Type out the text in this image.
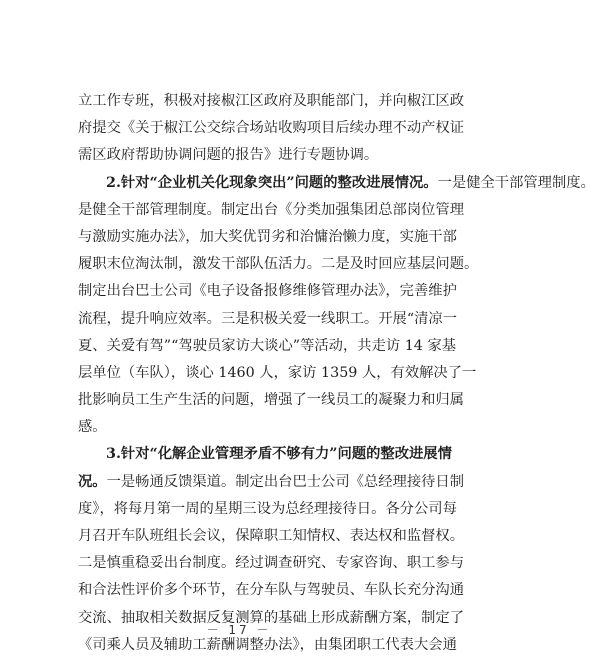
立工作专班，积极对接椒江区政府及职能部门，并向椒江区政
府提交《关于椒江公交综合场站收购项目后续办理不动产权证
需区政府帮助协调问题的报告》进行专题协调。
2.针对“企业机关化现象突出”问题的整改进展情况。一是健全干部管理制度。
是健全干部管理制度。制定出台《分类加强集团总部岗位管理
与激励实施办法》，加大奖优罚劣和治慵治懒力度，实施干部
履职末位淘汰制，激发干部队伍活力。二是及时回应基层问题。
制定出台巴士公司《电子设备报修维修管理办法》，完善维护
流程，提升响应效率。三是积极关爱一线职工。开展“清凉一
夏、关爱有驾”“驾驶员家访大谈心”等活动，共走访 14 家基
层单位（车队），谈心 1460 人，家访 1359 人，有效解决了一
批影响员工生产生活的问题，增强了一线员工的凝聚力和归属
感。
3.针对“化解企业管理矛盾不够有力”问题的整改进展情
况。一是畅通反馈渠道。制定出台巴士公司《总经理接待日制
度》，将每月第一周的星期三设为总经理接待日。各分公司每
月召开车队班组长会议，保障职工知情权、表达权和监督权。
二是慎重稳妥出台制度。经过调查研究、专家咨询、职工参与
和合法性评价多个环节，在分车队与驾驶员、车队长充分沟通
交流、抽取相关数据反复测算的基础上形成薪酬方案，制定了
《司乘人员及辅助工薪酬调整办法》，由集团职工代表大会通
－ 17 －
